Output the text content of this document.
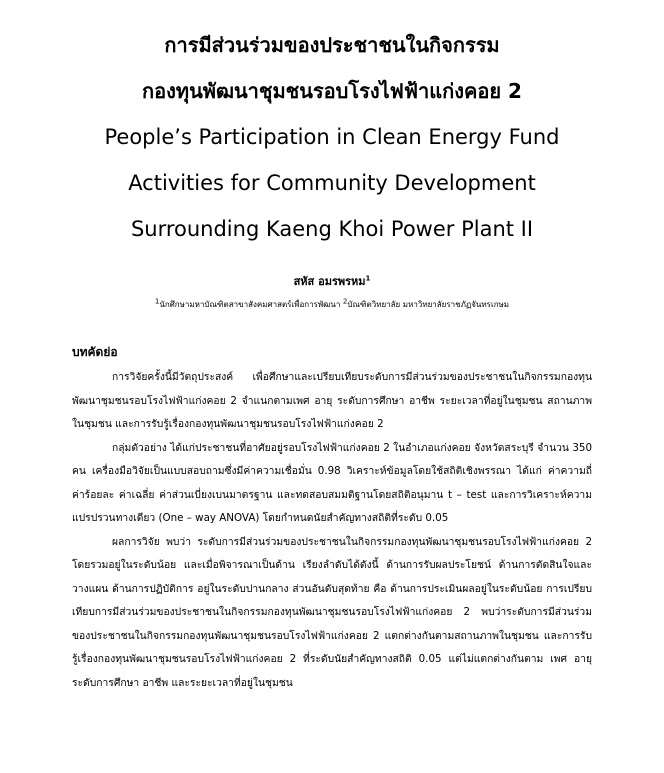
การมีส่วนร่วมของประชาชนในกิจกรรม

กองทุนพัฒนาชุมชนรอบโรงไฟฟ้าแก่งคอย 2

People’s Participation in Clean Energy Fund

Activities for Community Development

Surrounding Kaeng Khoi Power Plant II

สหัส อมรพรหม$^1$
$^1$นักศึกษามหาบัณฑิตสาขาสังคมศาสตร์เพื่อการพัฒนา $^2$บัณฑิตวิทยาลัย มหาวิทยาลัยราชภัฏจันทรเกษม
บทคัดย่อ

การวิจัยครั้งนี้มีวัตถุประสงค์ เพื่อศึกษาและเปรียบเทียบระดับการมีส่วนร่วมของประชาชนในกิจกรรมกองทุนพัฒนาชุมชนรอบโรงไฟฟ้าแก่งคอย 2 จำแนกตามเพศ อายุ ระดับการศึกษา อาชีพ ระยะเวลาที่อยู่ในชุมชน สถานภาพในชุมชน และการรับรู้เรื่องกองทุนพัฒนาชุมชนรอบโรงไฟฟ้าแก่งคอย 2

กลุ่มตัวอย่าง ได้แก่ประชาชนที่อาศัยอยู่รอบโรงไฟฟ้าแก่งคอย 2 ในอำเภอแก่งคอย จังหวัดสระบุรี จำนวน 350 คน เครื่องมือวิจัยเป็นแบบสอบถามซึ่งมีค่าความเชื่อมั่น 0.98 วิเคราะห์ข้อมูลโดยใช้สถิติเชิงพรรณา ได้แก่ ค่าความถี่ ค่าร้อยละ ค่าเฉลี่ย ค่าส่วนเบี่ยงเบนมาตรฐาน และทดสอบสมมติฐานโดยสถิติอนุมาน t – test และการวิเคราะห์ความแปรปรวนทางเดียว (One – way ANOVA) โดยกำหนดนัยสำคัญทางสถิติที่ระดับ 0.05

ผลการวิจัย พบว่า ระดับการมีส่วนร่วมของประชาชนในกิจกรรมกองทุนพัฒนาชุมชนรอบโรงไฟฟ้าแก่งคอย 2 โดยรวมอยู่ในระดับน้อย และเมื่อพิจารณาเป็นด้าน เรียงลำดับได้ดังนี้ ด้านการรับผลประโยชน์ ด้านการตัดสินใจและวางแผน ด้านการปฏิบัติการ อยู่ในระดับปานกลาง ส่วนอันดับสุดท้าย คือ ด้านการประเมินผลอยู่ในระดับน้อย การเปรียบเทียบการมีส่วนร่วมของประชาชนในกิจกรรมกองทุนพัฒนาชุมชนรอบโรงไฟฟ้าแก่งคอย 2 พบว่าระดับการมีส่วนร่วมของประชาชนในกิจกรรมกองทุนพัฒนาชุมชนรอบโรงไฟฟ้าแก่งคอย 2 แตกต่างกันตามสถานภาพในชุมชน และการรับรู้เรื่องกองทุนพัฒนาชุมชนรอบโรงไฟฟ้าแก่งคอย 2 ที่ระดับนัยสำคัญทางสถิติ 0.05 แต่ไม่แตกต่างกันตาม เพศ อายุ ระดับการศึกษา อาชีพ และระยะเวลาที่อยู่ในชุมชน
